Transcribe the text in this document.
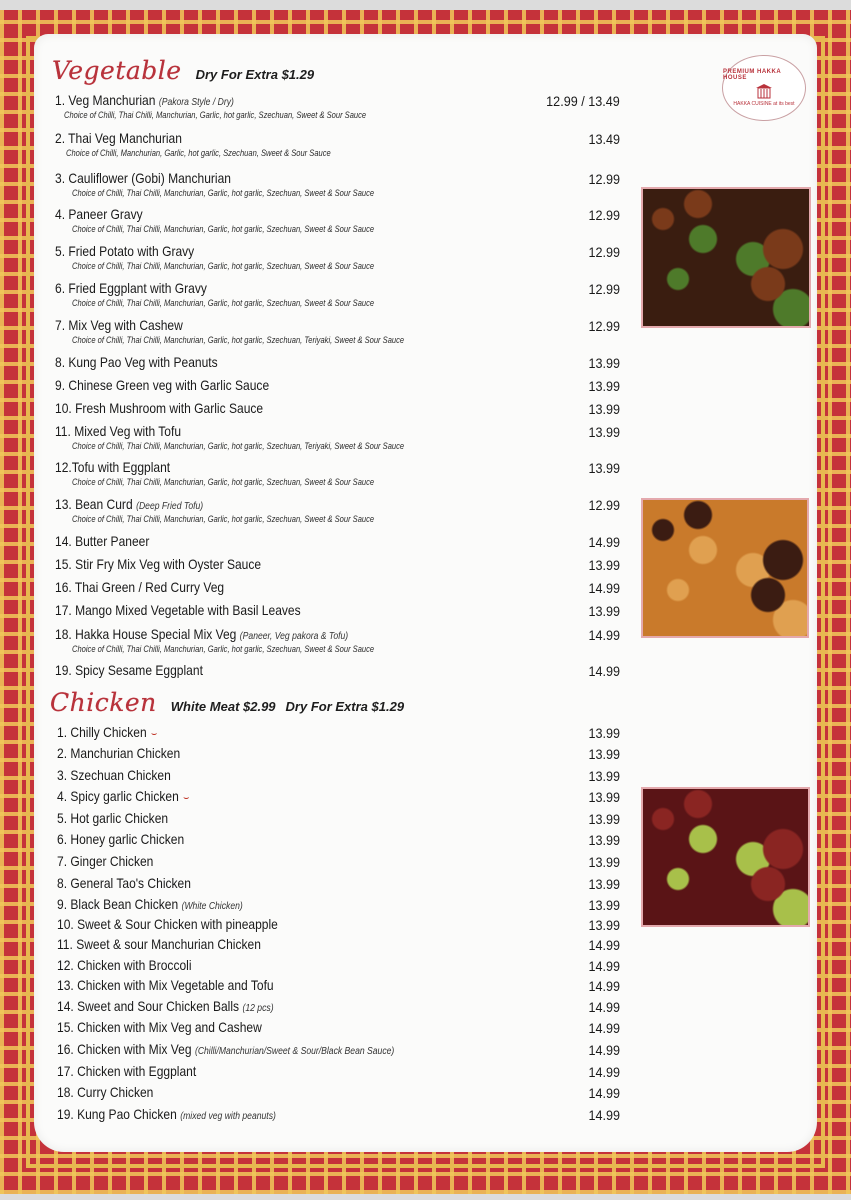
Vegetable Dry For Extra $1.29	PREMIUM HAKKA HOUSE
HAKKA CUISINE at its best
1. Veg Manchurian (Pakora Style / Dry)
Choice of Chilli, Thai Chilli, Manchurian, Garlic, hot garlic, Szechuan, Sweet & Sour Sauce
12.99 / 13.49
2. Thai Veg Manchurian
Choice of Chilli, Manchurian, Garlic, hot garlic, Szechuan, Sweet & Sour Sauce
13.49
3. Cauliflower (Gobi) Manchurian
Choice of Chilli, Thai Chilli, Manchurian, Garlic, hot garlic, Szechuan, Sweet & Sour Sauce
12.99
4. Paneer Gravy
Choice of Chilli, Thai Chilli, Manchurian, Garlic, hot garlic, Szechuan, Sweet & Sour Sauce
12.99
5. Fried Potato with Gravy
Choice of Chilli, Thai Chilli, Manchurian, Garlic, hot garlic, Szechuan, Sweet & Sour Sauce
12.99
6. Fried Eggplant with Gravy
Choice of Chilli, Thai Chilli, Manchurian, Garlic, hot garlic, Szechuan, Sweet & Sour Sauce
12.99
7. Mix Veg with Cashew
Choice of Chilli, Thai Chilli, Manchurian, Garlic, hot garlic, Szechuan, Teriyaki, Sweet & Sour Sauce
12.99
8. Kung Pao Veg with Peanuts	13.99
9. Chinese Green veg with Garlic Sauce	13.99
10. Fresh Mushroom with Garlic Sauce	13.99
11. Mixed Veg with Tofu
Choice of Chilli, Thai Chilli, Manchurian, Garlic, hot garlic, Szechuan, Teriyaki, Sweet & Sour Sauce
13.99
12.Tofu with Eggplant
Choice of Chilli, Thai Chilli, Manchurian, Garlic, hot garlic, Szechuan, Sweet & Sour Sauce
13.99
13. Bean Curd (Deep Fried Tofu)
Choice of Chilli, Thai Chilli, Manchurian, Garlic, hot garlic, Szechuan, Sweet & Sour Sauce
12.99
14. Butter Paneer	14.99
15. Stir Fry Mix Veg with Oyster Sauce	13.99
16. Thai Green / Red Curry Veg	14.99
17. Mango Mixed Vegetable with Basil Leaves	13.99
18. Hakka House Special Mix Veg (Paneer, Veg pakora & Tofu)
Choice of Chilli, Thai Chilli, Manchurian, Garlic, hot garlic, Szechuan, Sweet & Sour Sauce
14.99
19. Spicy Sesame Eggplant	14.99
Chicken White Meat $2.99 Dry For Extra $1.29
1. Chilly Chicken ⌣	13.99
2. Manchurian Chicken	13.99
3. Szechuan Chicken	13.99
4. Spicy garlic Chicken ⌣	13.99
5. Hot garlic Chicken	13.99
6. Honey garlic Chicken	13.99
7. Ginger Chicken	13.99
8. General Tao's Chicken	13.99
9. Black Bean Chicken (White Chicken)	13.99
10. Sweet & Sour Chicken with pineapple	13.99
11. Sweet & sour Manchurian Chicken	14.99
12. Chicken with Broccoli	14.99
13. Chicken with Mix Vegetable and Tofu	14.99
14. Sweet and Sour Chicken Balls (12 pcs)	14.99
15. Chicken with Mix Veg and Cashew	14.99
16. Chicken with Mix Veg (Chilli/Manchurian/Sweet & Sour/Black Bean Sauce)	14.99
17. Chicken with Eggplant	14.99
18. Curry Chicken	14.99
19. Kung Pao Chicken (mixed veg with peanuts)	14.99
